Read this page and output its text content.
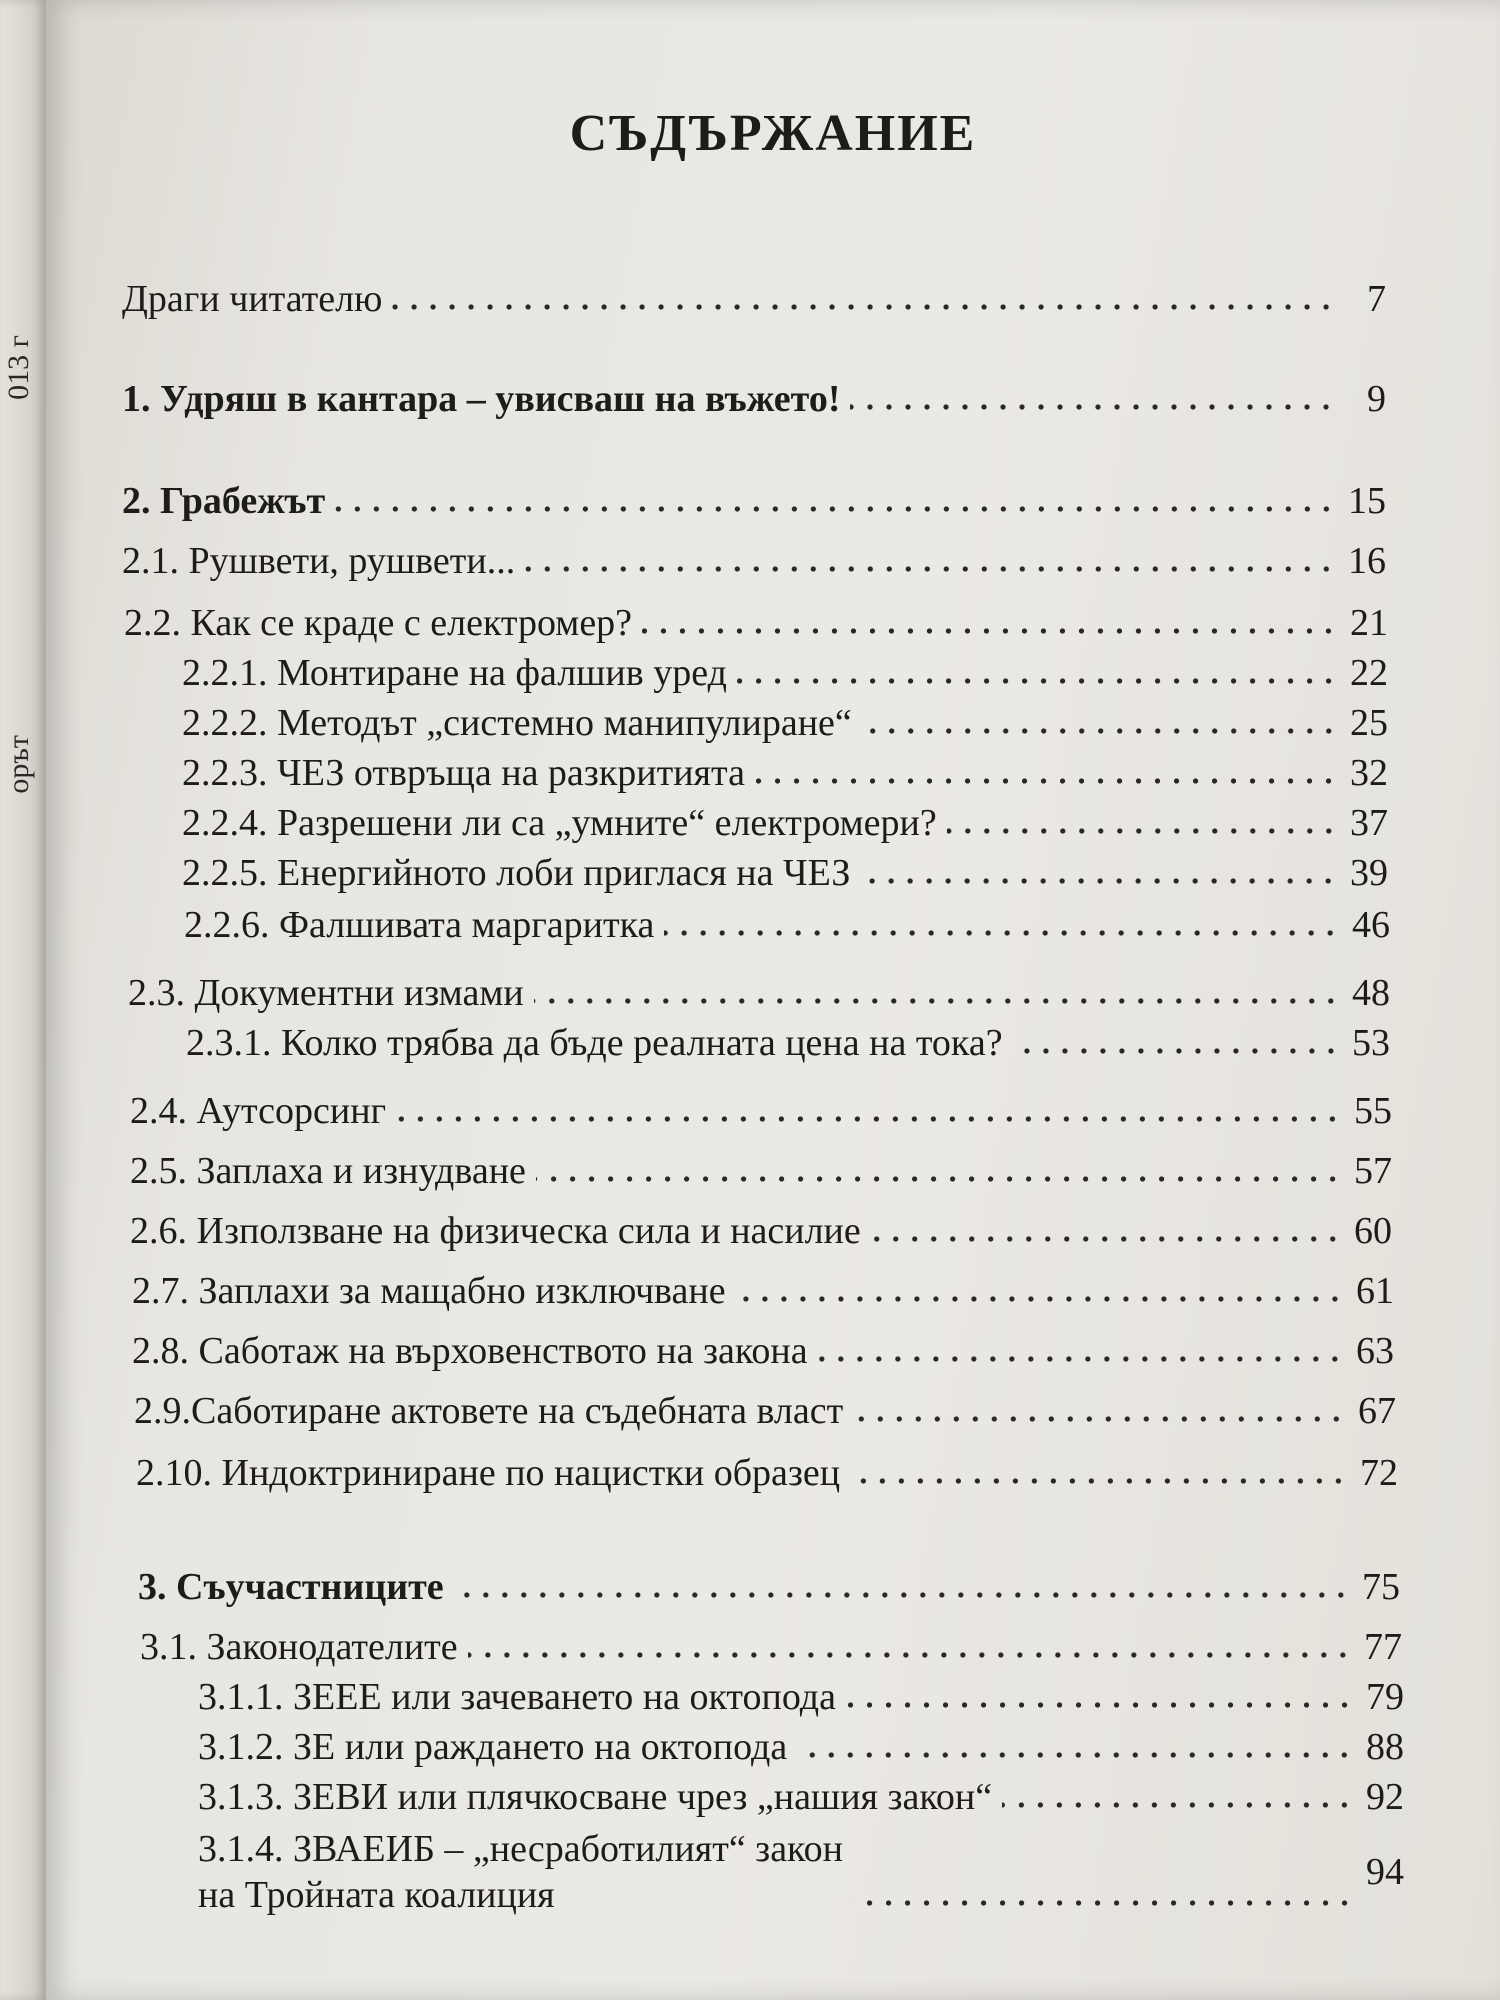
013 г
орът
СЪДЪРЖАНИЕ
Драги читателю	7
1. Удряш в кантара – увисваш на въжето!	9
2. Грабежът	15
2.1. Рушвети, рушвети...	16
2.2. Как се краде с електромер?	21
2.2.1. Монтиране на фалшив уред	22
2.2.2. Методът „системно манипулиране“	25
2.2.3. ЧЕЗ отвръща на разкритията	32
2.2.4. Разрешени ли са „умните“ електромери?	37
2.2.5. Енергийното лоби приглася на ЧЕЗ	39
2.2.6. Фалшивата маргаритка	46
2.3. Документни измами	48
2.3.1. Колко трябва да бъде реалната цена на тока?	53
2.4. Аутсорсинг	55
2.5. Заплаха и изнудване	57
2.6. Използване на физическа сила и насилие	60
2.7. Заплахи за мащабно изключване	61
2.8. Саботаж на върховенството на закона	63
2.9.Саботиране актовете на съдебната власт	67
2.10. Индоктриниране по нацистки образец	72
3. Съучастниците	75
3.1. Законодателите	77
3.1.1. ЗЕЕЕ или зачеването на октопода	79
3.1.2. ЗЕ или раждането на октопода	88
3.1.3. ЗЕВИ или плячкосване чрез „нашия закон“	92
3.1.4. ЗВАЕИБ – „несработилият“ закон
на Тройната коалиция
94
